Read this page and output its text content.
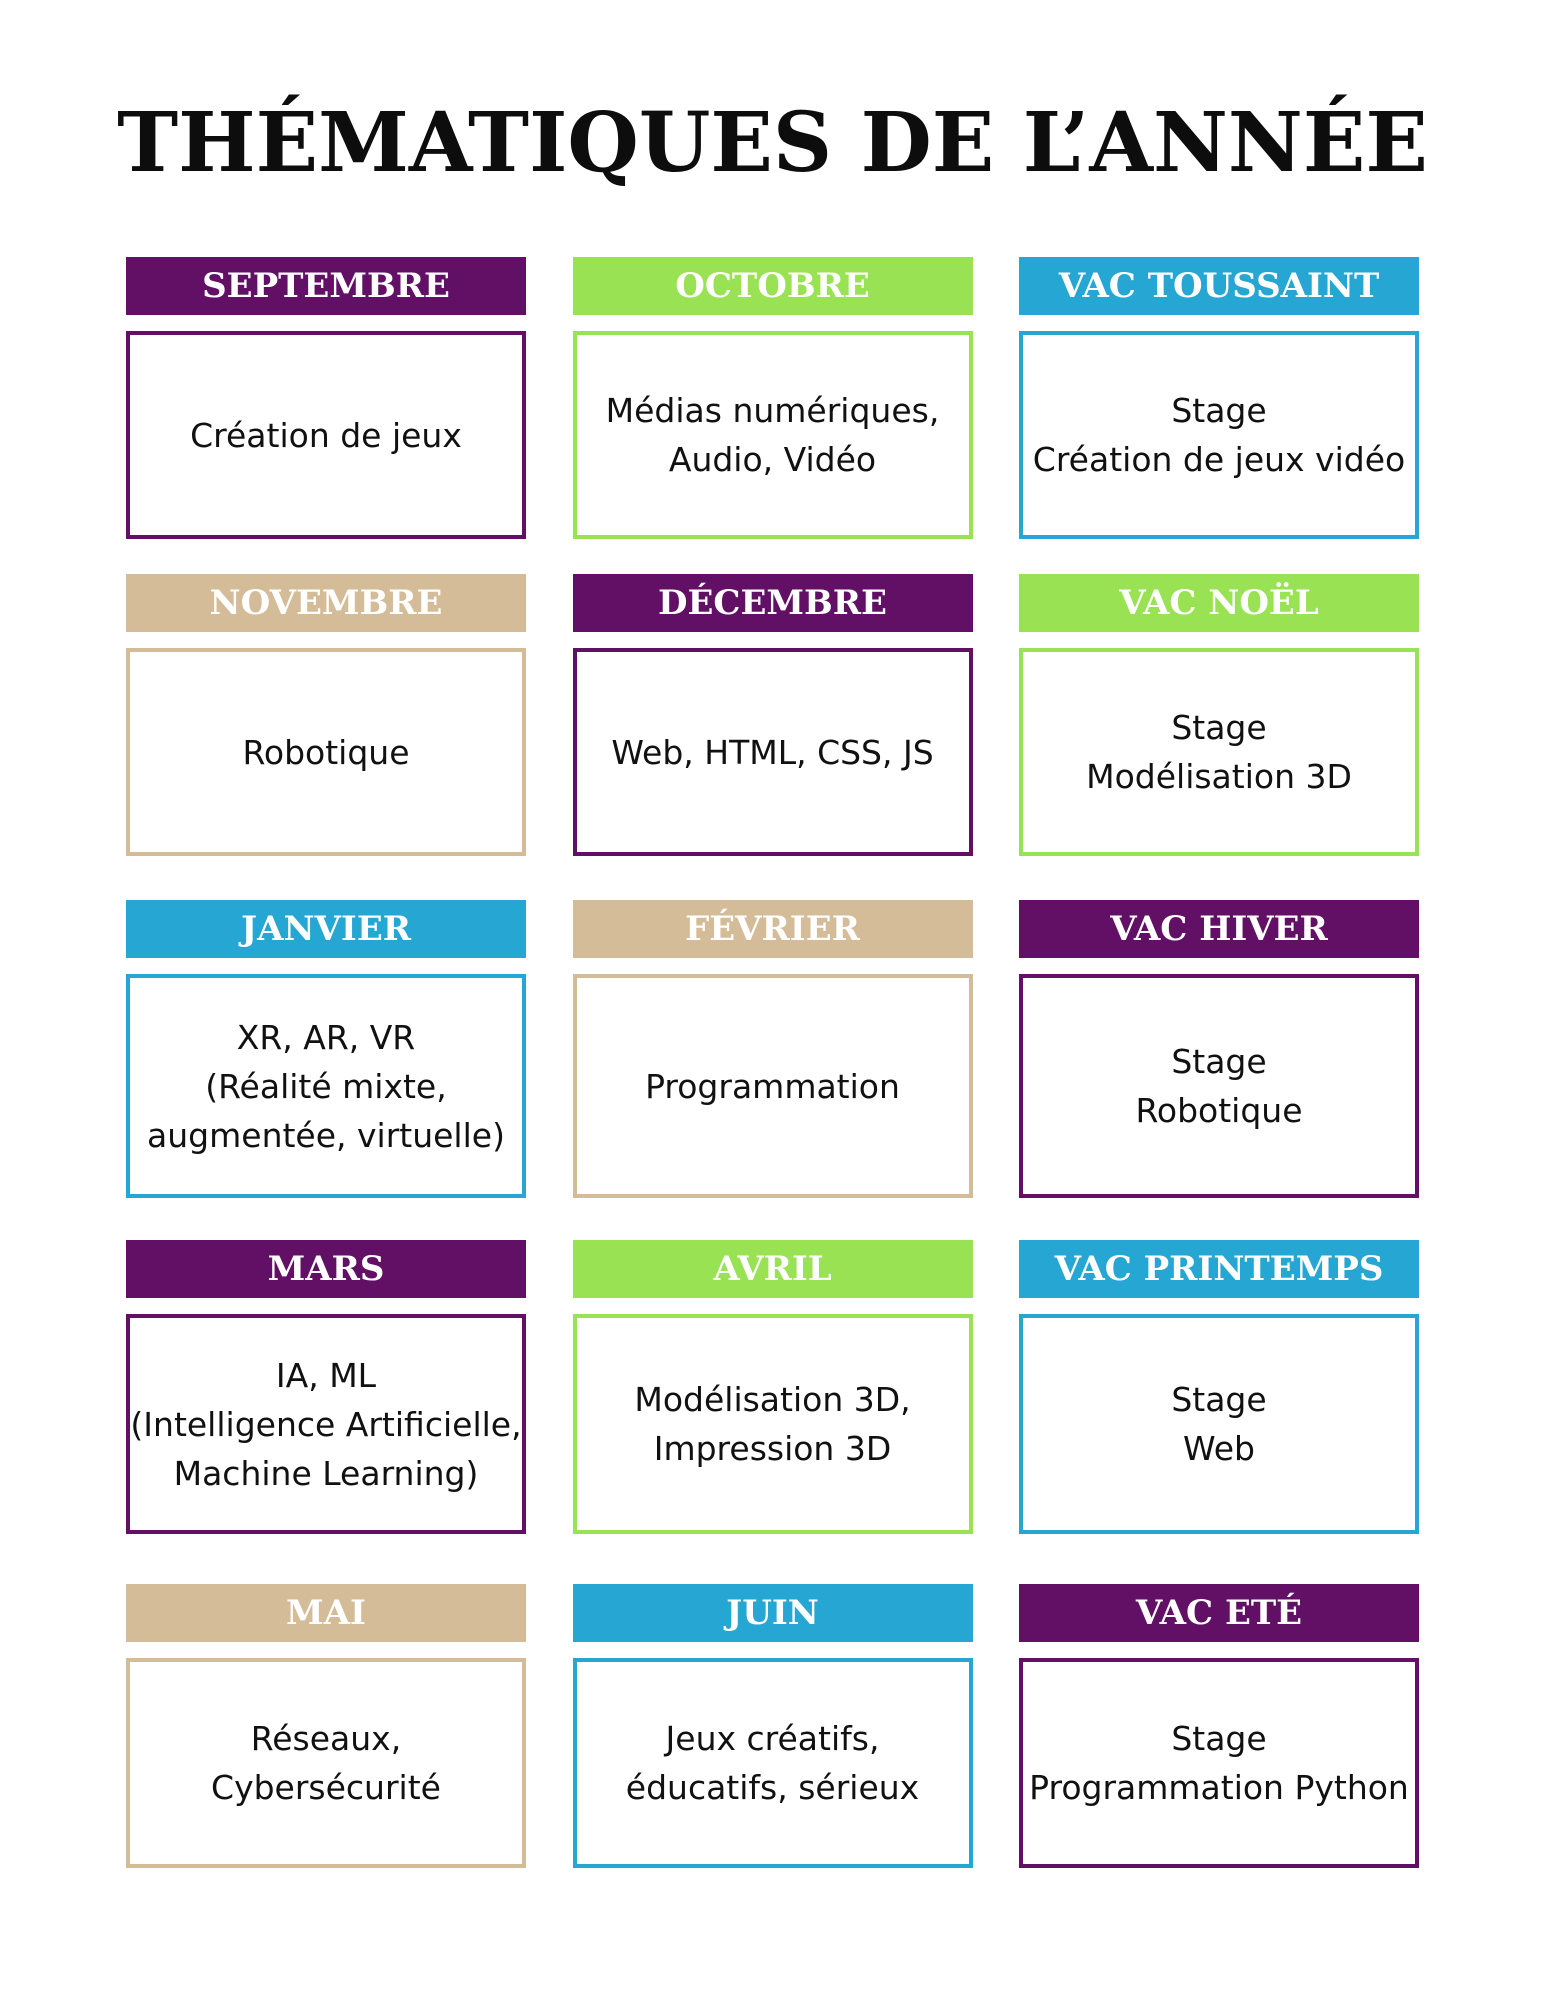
THÉMATIQUES DE L’ANNÉE
SEPTEMBRE
Création de jeux
OCTOBRE
Médias numériques,
Audio, Vidéo
VAC TOUSSAINT
Stage
Création de jeux vidéo
NOVEMBRE
Robotique
DÉCEMBRE
Web, HTML, CSS, JS
VAC NOËL
Stage
Modélisation 3D
JANVIER
XR, AR, VR
(Réalité mixte,
augmentée, virtuelle)
FÉVRIER
Programmation
VAC HIVER
Stage
Robotique
MARS
IA, ML
(Intelligence Artificielle,
Machine Learning)
AVRIL
Modélisation 3D,
Impression 3D
VAC PRINTEMPS
Stage
Web
MAI
Réseaux,
Cybersécurité
JUIN
Jeux créatifs,
éducatifs, sérieux
VAC ETÉ
Stage
Programmation Python
